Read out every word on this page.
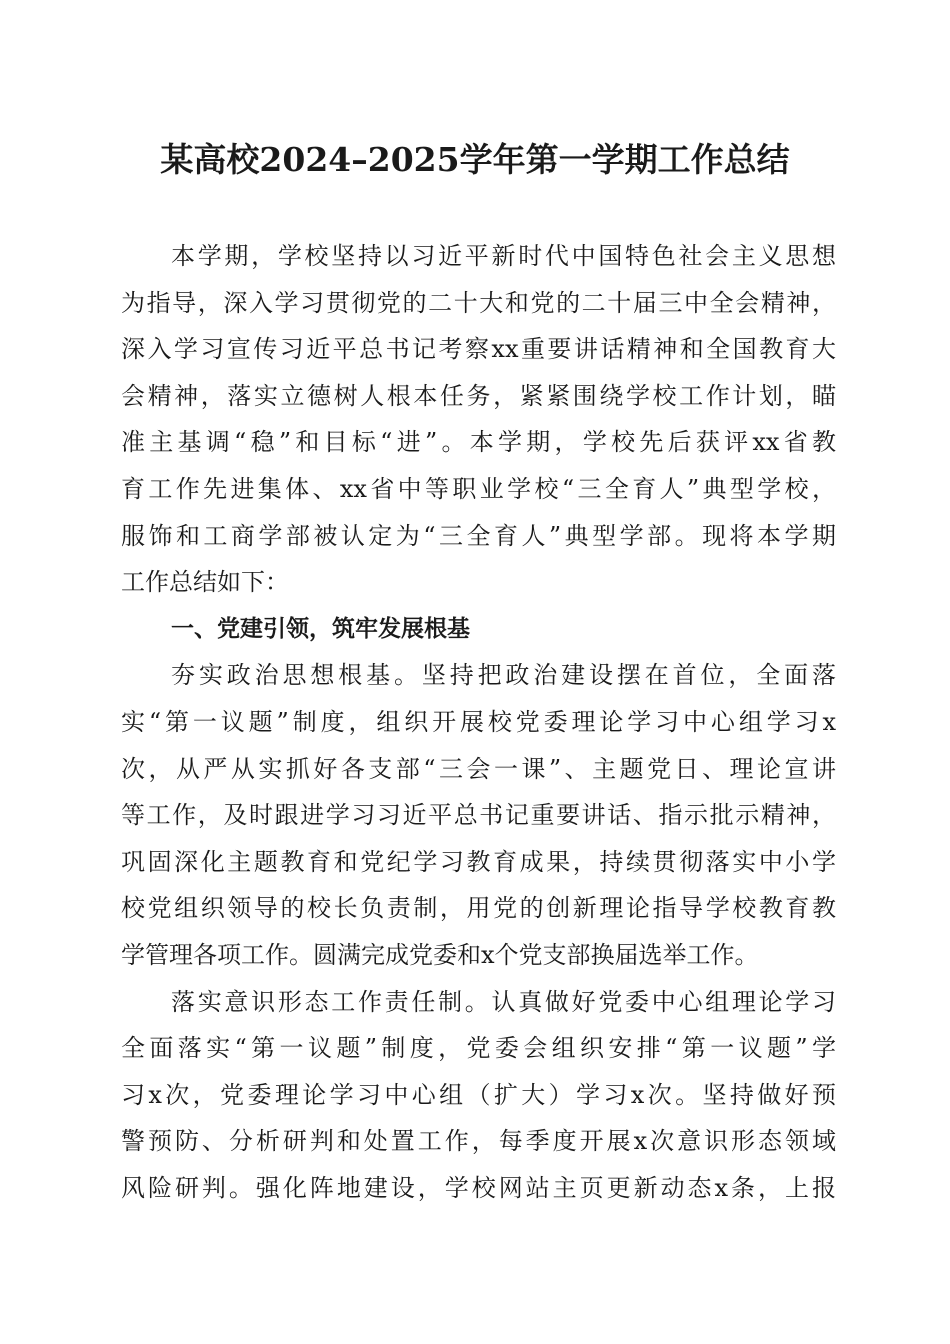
某高校2024–2025学年第一学期工作总结
本学期，学校坚持以习近平新时代中国特色社会主义思想
为指导，深入学习贯彻党的二十大和党的二十届三中全会精神，
深入学习宣传习近平总书记考察xx重要讲话精神和全国教育大
会精神，落实立德树人根本任务，紧紧围绕学校工作计划，瞄
准主基调“稳”和目标“进”。本学期，学校先后获评xx省教
育工作先进集体、xx省中等职业学校“三全育人”典型学校，
服饰和工商学部被认定为“三全育人”典型学部。现将本学期
工作总结如下：
一、党建引领，筑牢发展根基
夯实政治思想根基。坚持把政治建设摆在首位，全面落
实“第一议题”制度，组织开展校党委理论学习中心组学习x
次，从严从实抓好各支部“三会一课”、主题党日、理论宣讲
等工作，及时跟进学习习近平总书记重要讲话、指示批示精神，
巩固深化主题教育和党纪学习教育成果，持续贯彻落实中小学
校党组织领导的校长负责制，用党的创新理论指导学校教育教
学管理各项工作。圆满完成党委和x个党支部换届选举工作。
落实意识形态工作责任制。认真做好党委中心组理论学习
全面落实“第一议题”制度，党委会组织安排“第一议题”学
习x次，党委理论学习中心组（扩大）学习x次。坚持做好预
警预防、分析研判和处置工作，每季度开展x次意识形态领域
风险研判。强化阵地建设，学校网站主页更新动态x条，上报
